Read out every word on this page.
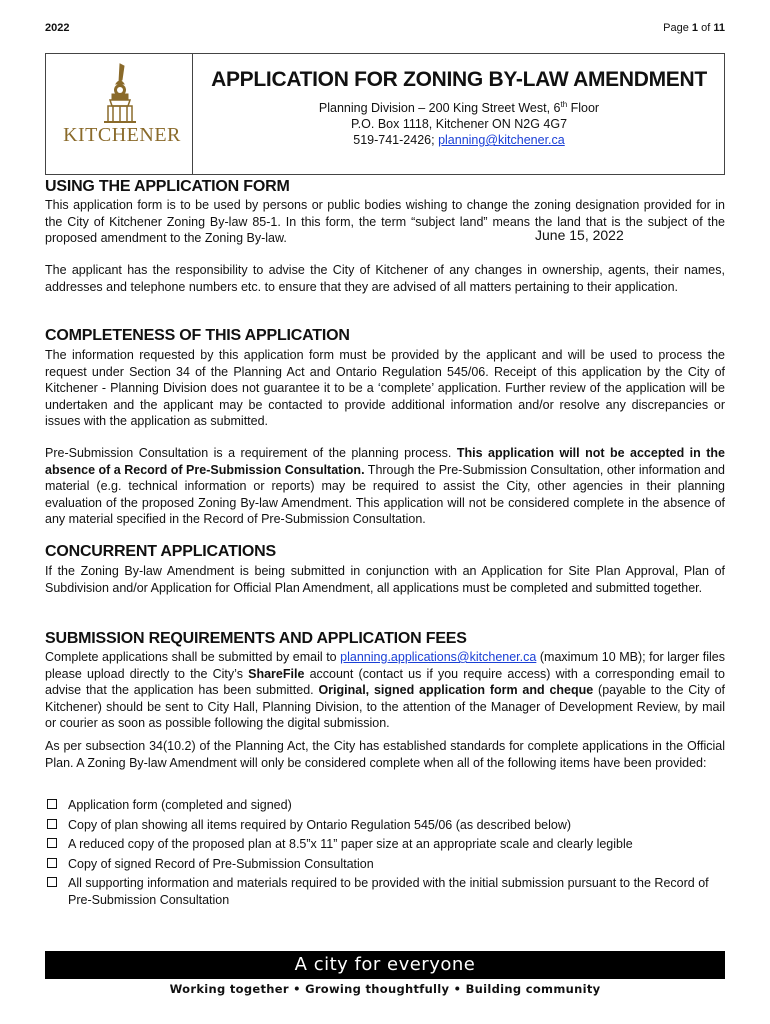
2022	Page 1 of 11
KITCHENER
APPLICATION FOR ZONING BY-LAW AMENDMENT
Planning Division – 200 King Street West, 6th Floor
P.O. Box 1118, Kitchener ON N2G 4G7
519-741-2426; planning@kitchener.ca
USING THE APPLICATION FORM

This application form is to be used by persons or public bodies wishing to change the zoning designation provided for in the City of Kitchener Zoning By-law 85-1. In this form, the term “subject land” means the land that is the subject of the proposed amendment to the Zoning By-law.	June 15, 2022

The applicant has the responsibility to advise the City of Kitchener of any changes in ownership, agents, their names, addresses and telephone numbers etc. to ensure that they are advised of all matters pertaining to their application.

COMPLETENESS OF THIS APPLICATION

The information requested by this application form must be provided by the applicant and will be used to process the request under Section 34 of the Planning Act and Ontario Regulation 545/06. Receipt of this application by the City of Kitchener - Planning Division does not guarantee it to be a ‘complete’ application. Further review of the application will be undertaken and the applicant may be contacted to provide additional information and/or resolve any discrepancies or issues with the application as submitted.

Pre-Submission Consultation is a requirement of the planning process. This application will not be accepted in the absence of a Record of Pre-Submission Consultation. Through the Pre-Submission Consultation, other information and material (e.g. technical information or reports) may be required to assist the City, other agencies in their planning evaluation of the proposed Zoning By-law Amendment. This application will not be considered complete in the absence of any material specified in the Record of Pre-Submission Consultation.

CONCURRENT APPLICATIONS

If the Zoning By-law Amendment is being submitted in conjunction with an Application for Site Plan Approval, Plan of Subdivision and/or Application for Official Plan Amendment, all applications must be completed and submitted together.

SUBMISSION REQUIREMENTS AND APPLICATION FEES

Complete applications shall be submitted by email to planning.applications@kitchener.ca (maximum 10 MB); for larger files please upload directly to the City’s ShareFile account (contact us if you require access) with a corresponding email to advise that the application has been submitted. Original, signed application form and cheque (payable to the City of Kitchener) should be sent to City Hall, Planning Division, to the attention of the Manager of Development Review, by mail or courier as soon as possible following the digital submission.

As per subsection 34(10.2) of the Planning Act, the City has established standards for complete applications in the Official Plan. A Zoning By-law Amendment will only be considered complete when all of the following items have been provided:

Application form (completed and signed)
Copy of plan showing all items required by Ontario Regulation 545/06 (as described below)
A reduced copy of the proposed plan at 8.5”x 11” paper size at an appropriate scale and clearly legible
Copy of signed Record of Pre-Submission Consultation
All supporting information and materials required to be provided with the initial submission pursuant to the Record of Pre-Submission Consultation
A city for everyone
Working together • Growing thoughtfully • Building community
